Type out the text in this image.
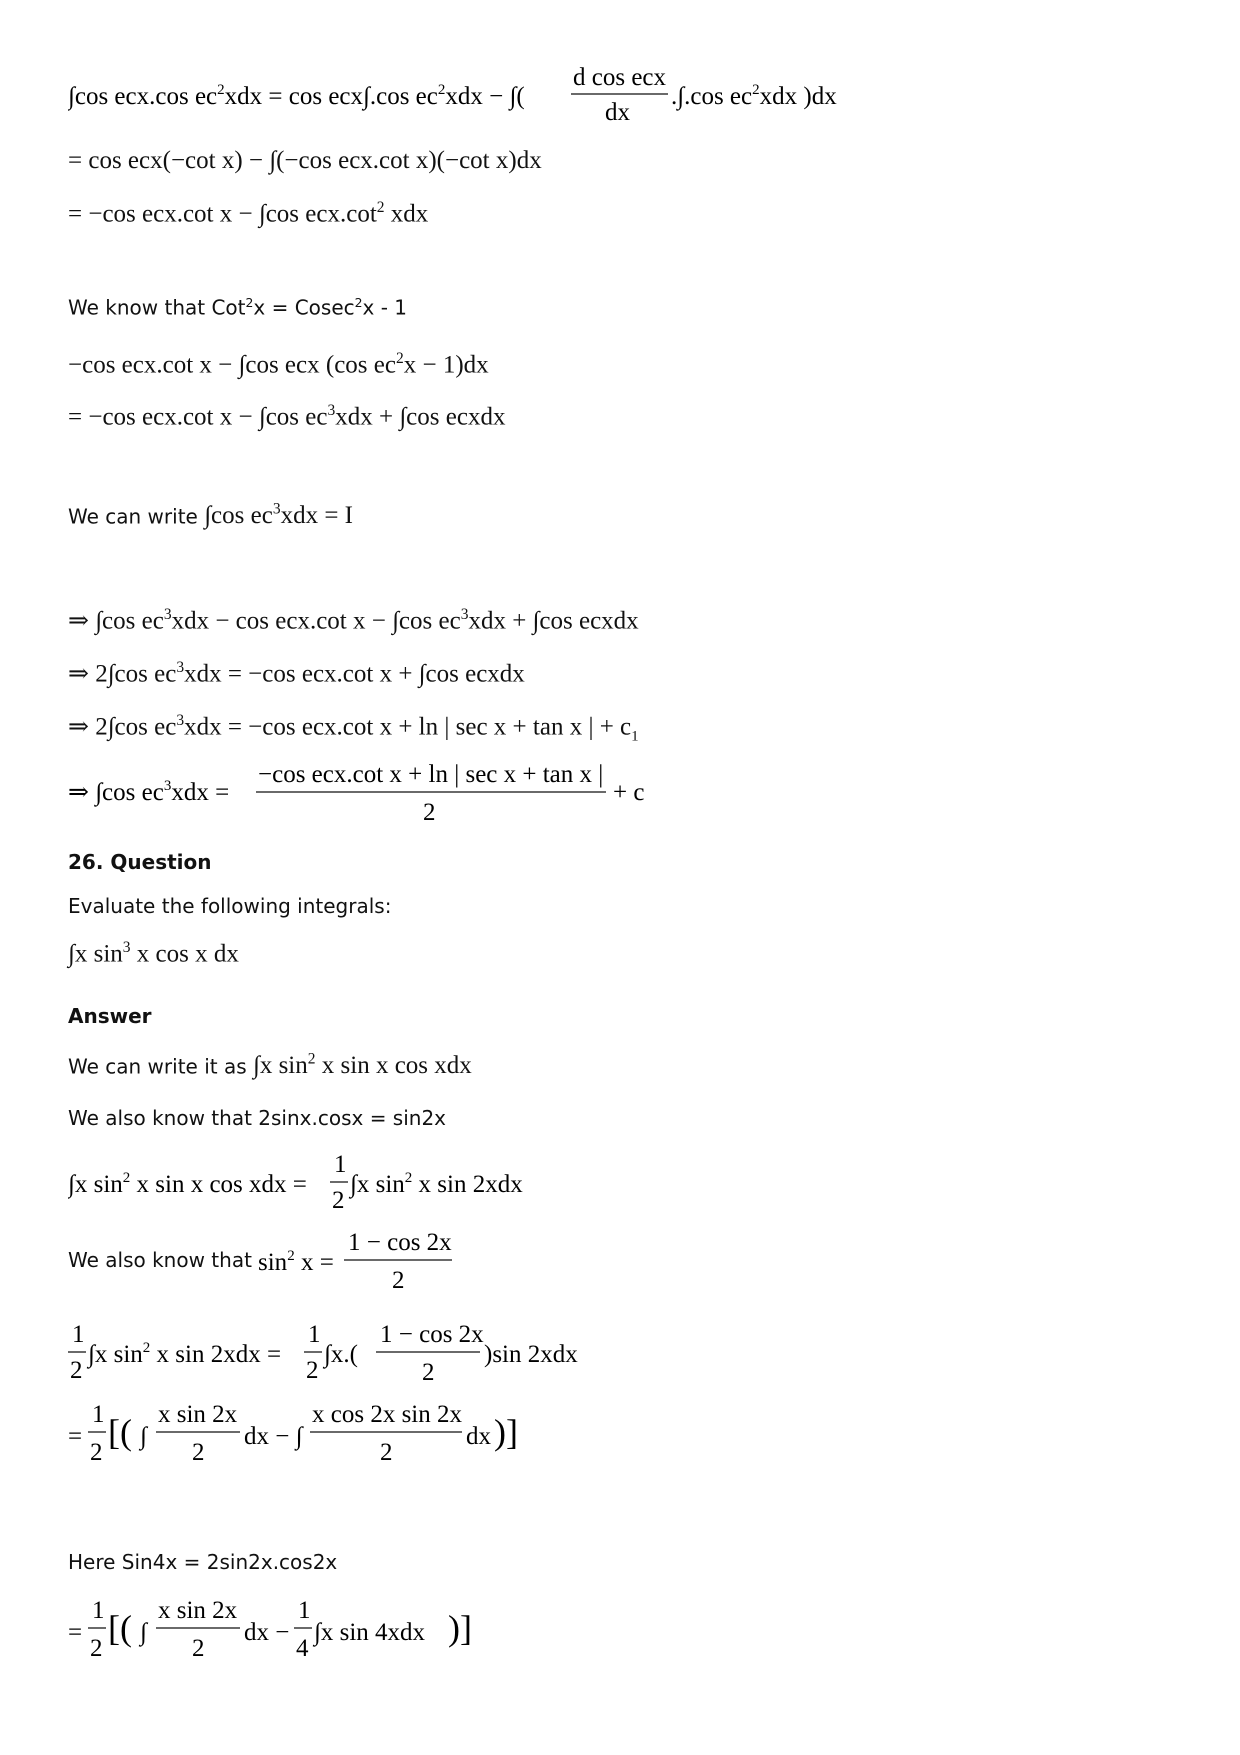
∫cos ecx.cos $ec^2xdx = \cos ecx\int.\cos$ $ec^2xdx$ − ∫(
d cos ecx
dx
.∫.cos $ec^2xdx$ )dx
= cos ecx(−cot x) − ∫(−cos ecx.cot x)(−cot x)dx
= −cos ecx.cot x − ∫cos $ecx.\cot^2$ xdx
We know that Cot$^2$x = Cosec$^2$x - 1
−cos ecx.cot x − ∫cos ecx (cos $ec^2x - 1)dx$
= −cos ecx.cot x − ∫cos $ec^3xdx + \int\cos$ ecxdx
We can write ∫cos $ec^3xdx = I$
⇒ ∫cos $ec^3xdx - \cos ecx.\cot$ x − ∫cos $ec^3xdx + \int\cos$ ecxdx
⇒ 2∫cos $ec^3xdx = -\cos$ ecx.cot x + ∫cos ecxdx
⇒ 2∫cos $ec^3xdx = -\cos$ ecx.cot x + ln | sec x + tan x | + $c_1$
⇒ ∫cos $ec^3xdx$ =
−cos ecx.cot x + ln | sec x + tan x |
2
+ c
26. Question
Evaluate the following integrals:
∫x $\sin^3 x$ cos x dx
Answer
We can write it as ∫x $\sin^2 x$ sin x cos xdx
We also know that 2sinx.cosx = sin2x
∫x $\sin^2 x$ sin x cos xdx =
1
2
∫x $\sin^2 x$ sin 2xdx
We also know that $\sin^2 x$ =
1 − cos 2x
2
1
2
∫x $\sin^2 x$ sin 2xdx =
1
2
∫x.(
1 − cos 2x
2
)sin 2xdx
=
1
2
[( ∫
x sin 2x
2
dx − ∫
x cos 2x sin 2x
2
dx )]
Here Sin4x = 2sin2x.cos2x
=
1
2
[( ∫
x sin 2x
2
dx −
1
4
∫x sin 4xdx )]
